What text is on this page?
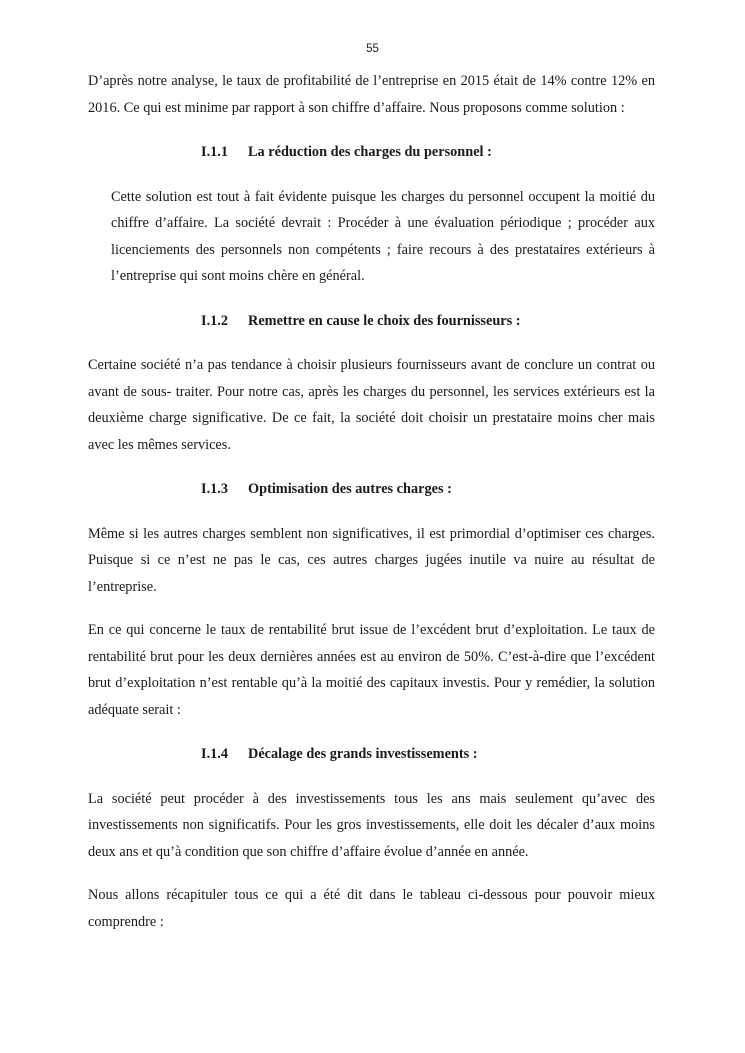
55

D’après notre analyse, le taux de profitabilité de l’entreprise en 2015 était de 14% contre 12% en 2016. Ce qui est minime par rapport à son chiffre d’affaire. Nous proposons comme solution :

I.1.1	La réduction des charges du personnel :

Cette solution est tout à fait évidente puisque les charges du personnel occupent la moitié du chiffre d’affaire. La société devrait : Procéder à une évaluation périodique ; procéder aux licenciements des personnels non compétents ; faire recours à des prestataires extérieurs à l’entreprise qui sont moins chère en général.

I.1.2	Remettre en cause le choix des fournisseurs :

Certaine société n’a pas tendance à choisir plusieurs fournisseurs avant de conclure un contrat ou avant de sous- traiter. Pour notre cas, après les charges du personnel, les services extérieurs est la deuxième charge significative. De ce fait, la société doit choisir un prestataire moins cher mais avec les mêmes services.

I.1.3	Optimisation des autres charges :

Même si les autres charges semblent non significatives, il est primordial d’optimiser ces charges. Puisque si ce n’est ne pas le cas, ces autres charges jugées inutile va nuire au résultat de l’entreprise.

En ce qui concerne le taux de rentabilité brut issue de l’excédent brut d’exploitation. Le taux de rentabilité brut pour les deux dernières années est au environ de 50%. C’est-à-dire que l’excédent brut d’exploitation n’est rentable qu’à la moitié des capitaux investis. Pour y remédier, la solution adéquate serait :

I.1.4	Décalage des grands investissements :

La société peut procéder à des investissements tous les ans mais seulement qu’avec des investissements non significatifs. Pour les gros investissements, elle doit les décaler d’aux moins deux ans et qu’à condition que son chiffre d’affaire évolue d’année en année.

Nous allons récapituler tous ce qui a été dit dans le tableau ci-dessous pour pouvoir mieux comprendre :
